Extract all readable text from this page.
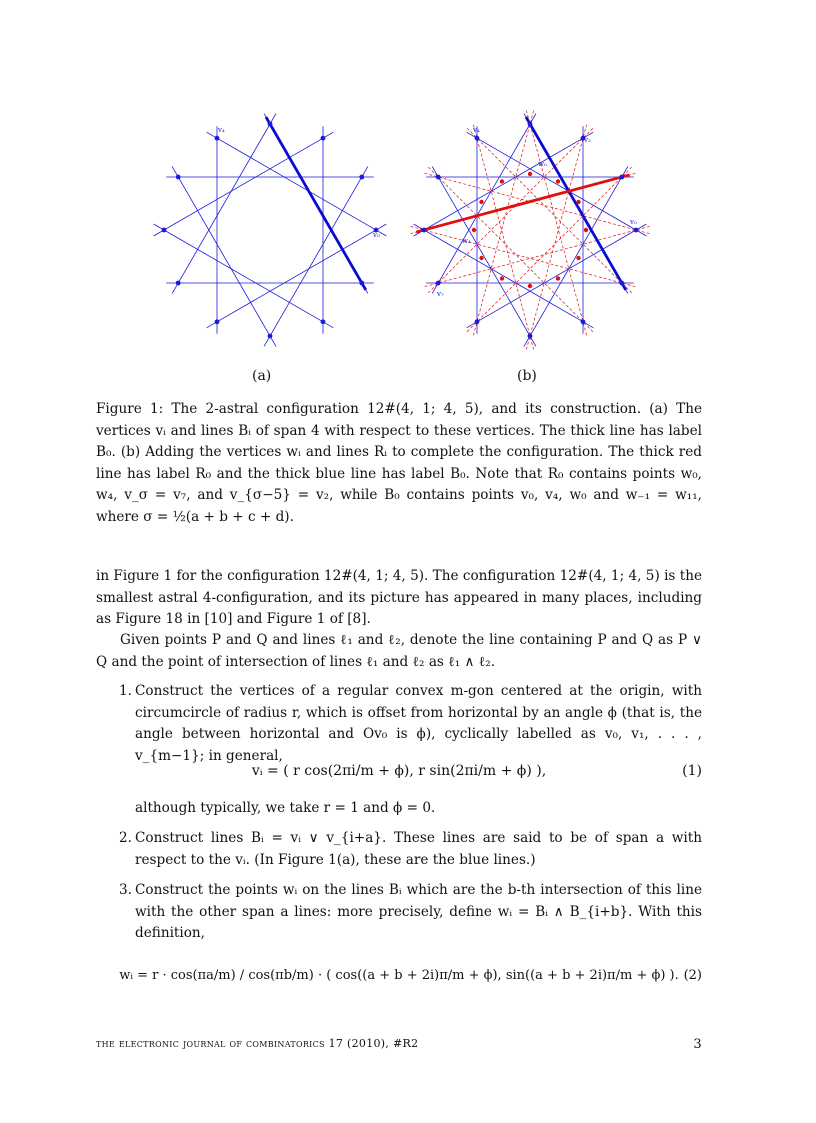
v₄
v₀
(a)
v₄
v₂
w₀
v₀
w₄
v₇
(b)
Figure 1: The 2-astral configuration 12#(4, 1; 4, 5), and its construction. (a) The vertices vᵢ and lines Bᵢ of span 4 with respect to these vertices. The thick line has label B₀. (b) Adding the vertices wᵢ and lines Rᵢ to complete the configuration. The thick red line has label R₀ and the thick blue line has label B₀. Note that R₀ contains points w₀, w₄, v_σ = v₇, and v_{σ−5} = v₂, while B₀ contains points v₀, v₄, w₀ and w₋₁ = w₁₁, where σ = ½(a + b + c + d).

in Figure 1 for the configuration 12#(4, 1; 4, 5). The configuration 12#(4, 1; 4, 5) is the smallest astral 4-configuration, and its picture has appeared in many places, including as Figure 18 in [10] and Figure 1 of [8].

Given points P and Q and lines ℓ₁ and ℓ₂, denote the line containing P and Q as P ∨ Q and the point of intersection of lines ℓ₁ and ℓ₂ as ℓ₁ ∧ ℓ₂.

1. Construct the vertices of a regular convex m-gon centered at the origin, with circumcircle of radius r, which is offset from horizontal by an angle ϕ (that is, the angle between horizontal and Ov₀ is ϕ), cyclically labelled as v₀, v₁, . . . , v_{m−1}; in general,
vᵢ = ( r cos(2πi/m + ϕ), r sin(2πi/m + ϕ) ),	(1)
although typically, we take r = 1 and ϕ = 0.
2. Construct lines Bᵢ = vᵢ ∨ v_{i+a}. These lines are said to be of span a with respect to the vᵢ. (In Figure 1(a), these are the blue lines.)
3. Construct the points wᵢ on the lines Bᵢ which are the b-th intersection of this line with the other span a lines: more precisely, define wᵢ = Bᵢ ∧ B_{i+b}. With this definition,
wᵢ = r · cos(πa/m) / cos(πb/m) · ( cos((a + b + 2i)π/m + ϕ), sin((a + b + 2i)π/m + ϕ) ). (2)
the electronic journal of combinatorics 17 (2010), #R2	3
